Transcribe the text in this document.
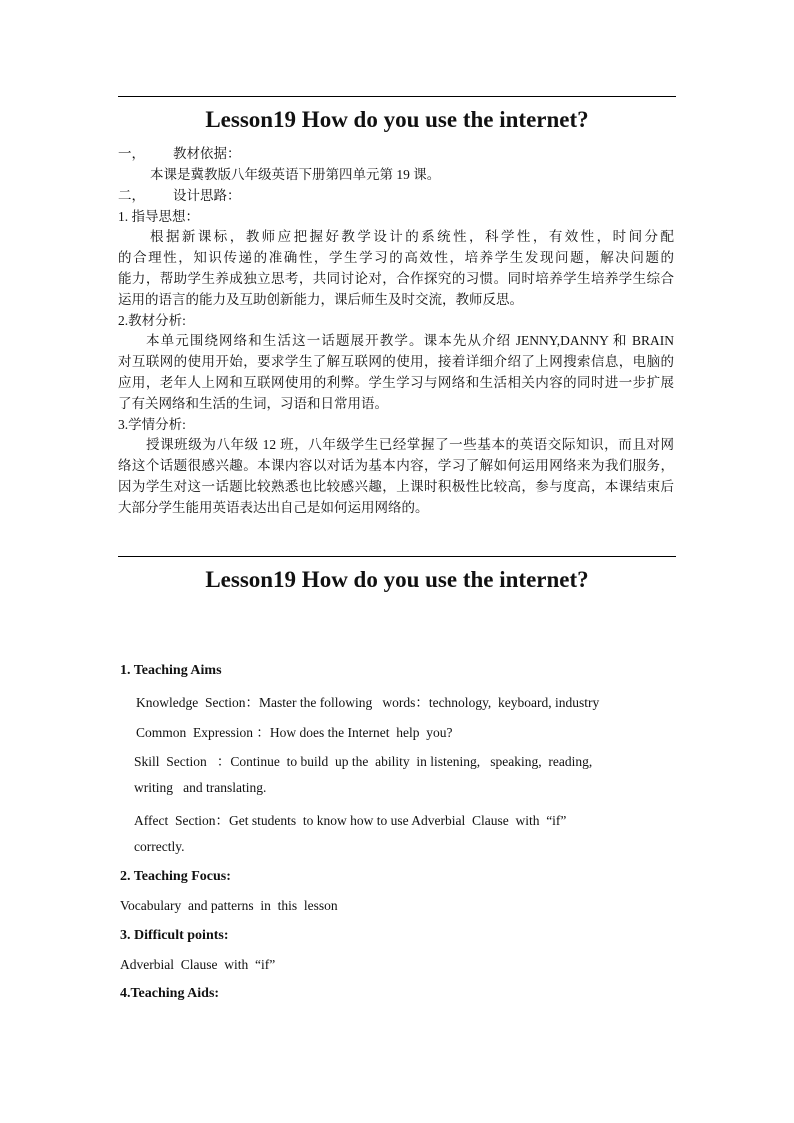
Lesson19 How do you use the internet?
一， 教材依据：
本课是冀教版八年级英语下册第四单元第 19 课。
二， 设计思路：
1. 指导思想：
根据新课标，教师应把握好教学设计的系统性，科学性，有效性，时间分配
的合理性，知识传递的准确性，学生学习的高效性，培养学生发现问题，解决问题的
能力，帮助学生养成独立思考，共同讨论对，合作探究的习惯。同时培养学生培养学生综合
运用的语言的能力及互助创新能力，课后师生及时交流，教师反思。
2.教材分析:
本单元围绕网络和生活这一话题展开教学。课本先从介绍 JENNY,DANNY 和 BRAIN
对互联网的使用开始，要求学生了解互联网的使用，接着详细介绍了上网搜索信息，电脑的
应用，老年人上网和互联网使用的利弊。学生学习与网络和生活相关内容的同时进一步扩展
了有关网络和生活的生词，习语和日常用语。
3.学情分析:
授课班级为八年级 12 班，八年级学生已经掌握了一些基本的英语交际知识，而且对网
络这个话题很感兴趣。本课内容以对话为基本内容，学习了解如何运用网络来为我们服务，
因为学生对这一话题比较熟悉也比较感兴趣，上课时积极性比较高，参与度高，本课结束后
大部分学生能用英语表达出自己是如何运用网络的。
Lesson19 How do you use the internet?
1. Teaching Aims
Knowledge  Section：Master the following   words：technology,  keyboard, industry
Common  Expression ：How does the Internet  help  you?
Skill  Section   ：Continue  to build  up the  ability  in listening,   speaking,  reading,
writing   and translating.
Affect  Section：Get students  to know how to use Adverbial  Clause  with  “if”
correctly.
2. Teaching Focus:
Vocabulary  and patterns  in  this  lesson
3. Difficult points:
Adverbial  Clause  with  “if”
4.Teaching Aids:
